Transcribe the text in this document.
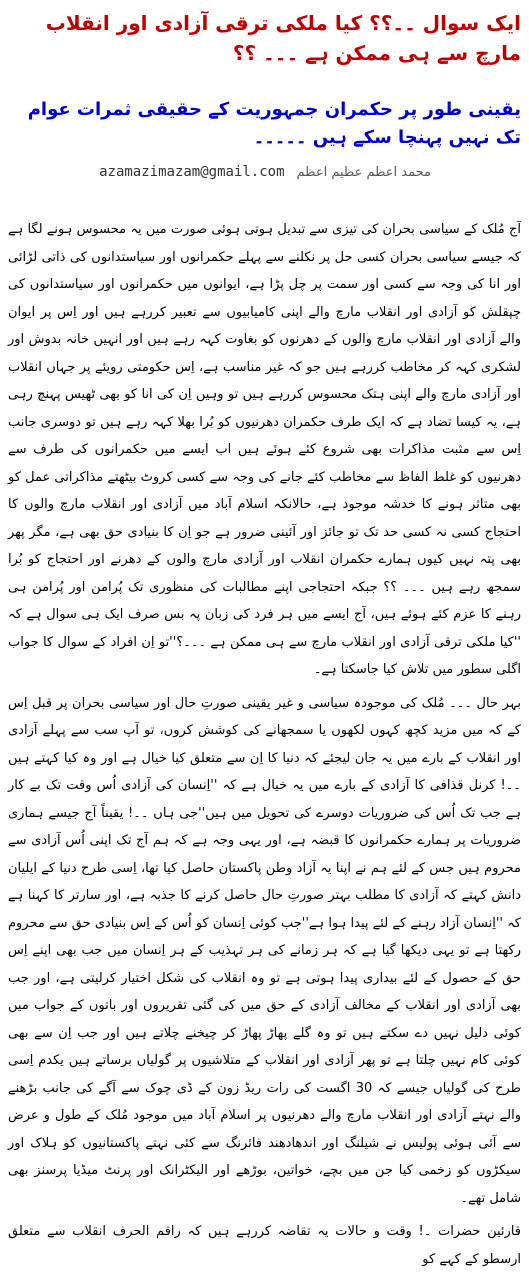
ایک سوال ۔۔؟؟ کیا ملکی ترقی آزادی اور انقلاب مارچ سے ہی ممکن ہے ۔۔۔ ؟؟
یقینی طور پر حکمران جمہوریت کے حقیقی ثمرات عوام تک نہیں پہنچا سکے ہیں ۔۔۔۔۔
azamazimazam@gmail.com محمد اعظم عظیم اعظم

آج مُلک کے سیاسی بحران کی تیزی سے تبدیل ہوتی ہوئی صورت میں یہ محسوس ہونے لگا ہے کہ جیسے سیاسی بحران کسی حل پر نکلنے سے پہلے حکمرانوں اور سیاستدانوں کی ذاتی لڑائی اور انا کی وجہ سے کسی اور سمت پر چل پڑا ہے، ایوانوں میں حکمرانوں اور سیاستدانوں کی چپقلش کو آزادی اور انقلاب مارچ والے اپنی کامیابیوں سے تعبیر کررہے ہیں اور اِس پر ایوان والے آزادی اور انقلاب مارچ والوں کے دھرنوں کو بغاوت کہہ رہے ہیں اور انہیں خانہ بدوش اور لشکری کہہ کر مخاطب کررہے ہیں جو کہ غیر مناسب ہے، اِس حکومتی رویئے پر جہاں انقلاب اور آزادی مارچ والے اپنی ہتک محسوس کررہے ہیں تو وہیں اِن کی انا کو بھی ٹھیس پہنچ رہی ہے، یہ کیسا تضاد ہے کہ ایک طرف حکمران دھرنیوں کو بُرا بھلا کہہ رہے ہیں تو دوسری جانب اِس سے مثبت مذاکرات بھی شروع کئے ہوئے ہیں اب ایسے میں حکمرانوں کی طرف سے دھرنیوں کو غلط الفاظ سے مخاطب کئے جانے کی وجہ سے کسی کروٹ بیٹھتے مذاکراتی عمل کو بھی متاثر ہونے کا خدشہ موجود ہے، حالانکہ اسلام آباد میں آزادی اور انقلاب مارچ والوں کا احتجاج کسی نہ کسی حد تک تو جائز اور آئینی ضرور ہے جو اِن کا بنیادی حق بھی ہے، مگر پھر بھی پتہ نہیں کیوں ہمارے حکمران انقلاب اور آزادی مارچ والوں کے دھرنے اور احتجاج کو بُرا سمجھ رہے ہیں ۔۔۔ ؟؟ جبکہ احتجاجی اپنے مطالبات کی منظوری تک پُرامن اور پُرامن ہی رہنے کا عزم کئے ہوئے ہیں، آج ایسے میں ہر فرد کی زبان پہ بس صرف ایک ہی سوال ہے کہ ''کیا ملکی ترقی آزادی اور انقلاب مارچ سے ہی ممکن ہے ۔۔۔؟''تو اِن افراد کے سوال کا جواب اگلی سطور میں تلاش کیا جاسکتا ہے۔

بہر حال ۔۔۔ مُلک کی موجودہ سیاسی و غیر یقینی صورتِ حال اور سیاسی بحران پر قبل اِس کے کہ میں مزید کچھ کہوں لکھوں یا سمجھانے کی کوشش کروں، تو آپ سب سے پہلے آزادی اور انقلاب کے بارے میں یہ جان لیجئے کہ دنیا کا اِن سے متعلق کیا خیال ہے اور وہ کیا کہتے ہیں ۔۔! کرنل قذافی کا آزادی کے بارے میں یہ خیال ہے کہ ''اِنسان کی آزادی اُس وقت تک بے کار ہے جب تک اُس کی ضروریات دوسرے کی تحویل میں ہیں''جی ہاں ۔۔! یقیناً آج جیسے ہماری ضروریات پر ہمارے حکمرانوں کا قبضہ ہے، اور یہی وجہ ہے کہ ہم آج تک اپنی اُس آزادی سے محروم ہیں جس کے لئے ہم نے اپنا یہ آزاد وطن پاکستان حاصل کیا تھا، اِسی طرح دنیا کے ایلیان دانش کہتے کہ آزادی کا مطلب بہتر صورتِ حال حاصل کرنے کا جذبہ ہے، اور سارتر کا کہنا ہے کہ ''اِنسان آزاد رہنے کے لئے پیدا ہوا ہے''جب کوئی اِنسان کو اُس کے اِس بنیادی حق سے محروم رکھتا ہے تو یہی دیکھا گیا ہے کہ ہر زمانے کی ہر تہذیب کے ہر اِنسان میں جب بھی اپنے اِس حق کے حصول کے لئے بیداری پیدا ہوتی ہے تو وہ انقلاب کی شکل اختیار کرلیتی ہے، اور جب بھی آزادی اور انقلاب کے مخالف آزادی کے حق میں کی گئی تقریروں اور باتوں کے جواب میں کوئی دلیل نہیں دے سکتے ہیں تو وہ گلے پھاڑ پھاڑ کر چیخنے چلاتے ہیں اور جب اِن سے بھی کوئی کام نہیں چلتا ہے تو پھر آزادی اور انقلاب کے متلاشیوں پر گولیاں برساتے ہیں یکدم اِسی طرح کی گولیاں جیسے کہ 30 اگست کی رات ریڈ زون کے ڈی چوک سے آگے کی جانب بڑھنے والے نہتے آزادی اور انقلاب مارچ والے دھرنیوں پر اسلام آباد میں موجود مُلک کے طول و عرض سے آئی ہوئی پولیس نے شیلنگ اور اندھادھند فائرنگ سے کئی نہتے پاکستانیوں کو ہلاک اور سیکڑوں کو زخمی کیا جن میں بچے، خواتین، بوڑھے اور الیکٹرانک اور پرنٹ میڈیا پرسنز بھی شامل تھے۔

قارئین حضرات ۔! وقت و حالات یہ تقاضہ کررہے ہیں کہ راقم الحرف انقلاب سے متعلق ارسطو کے کہے کو
